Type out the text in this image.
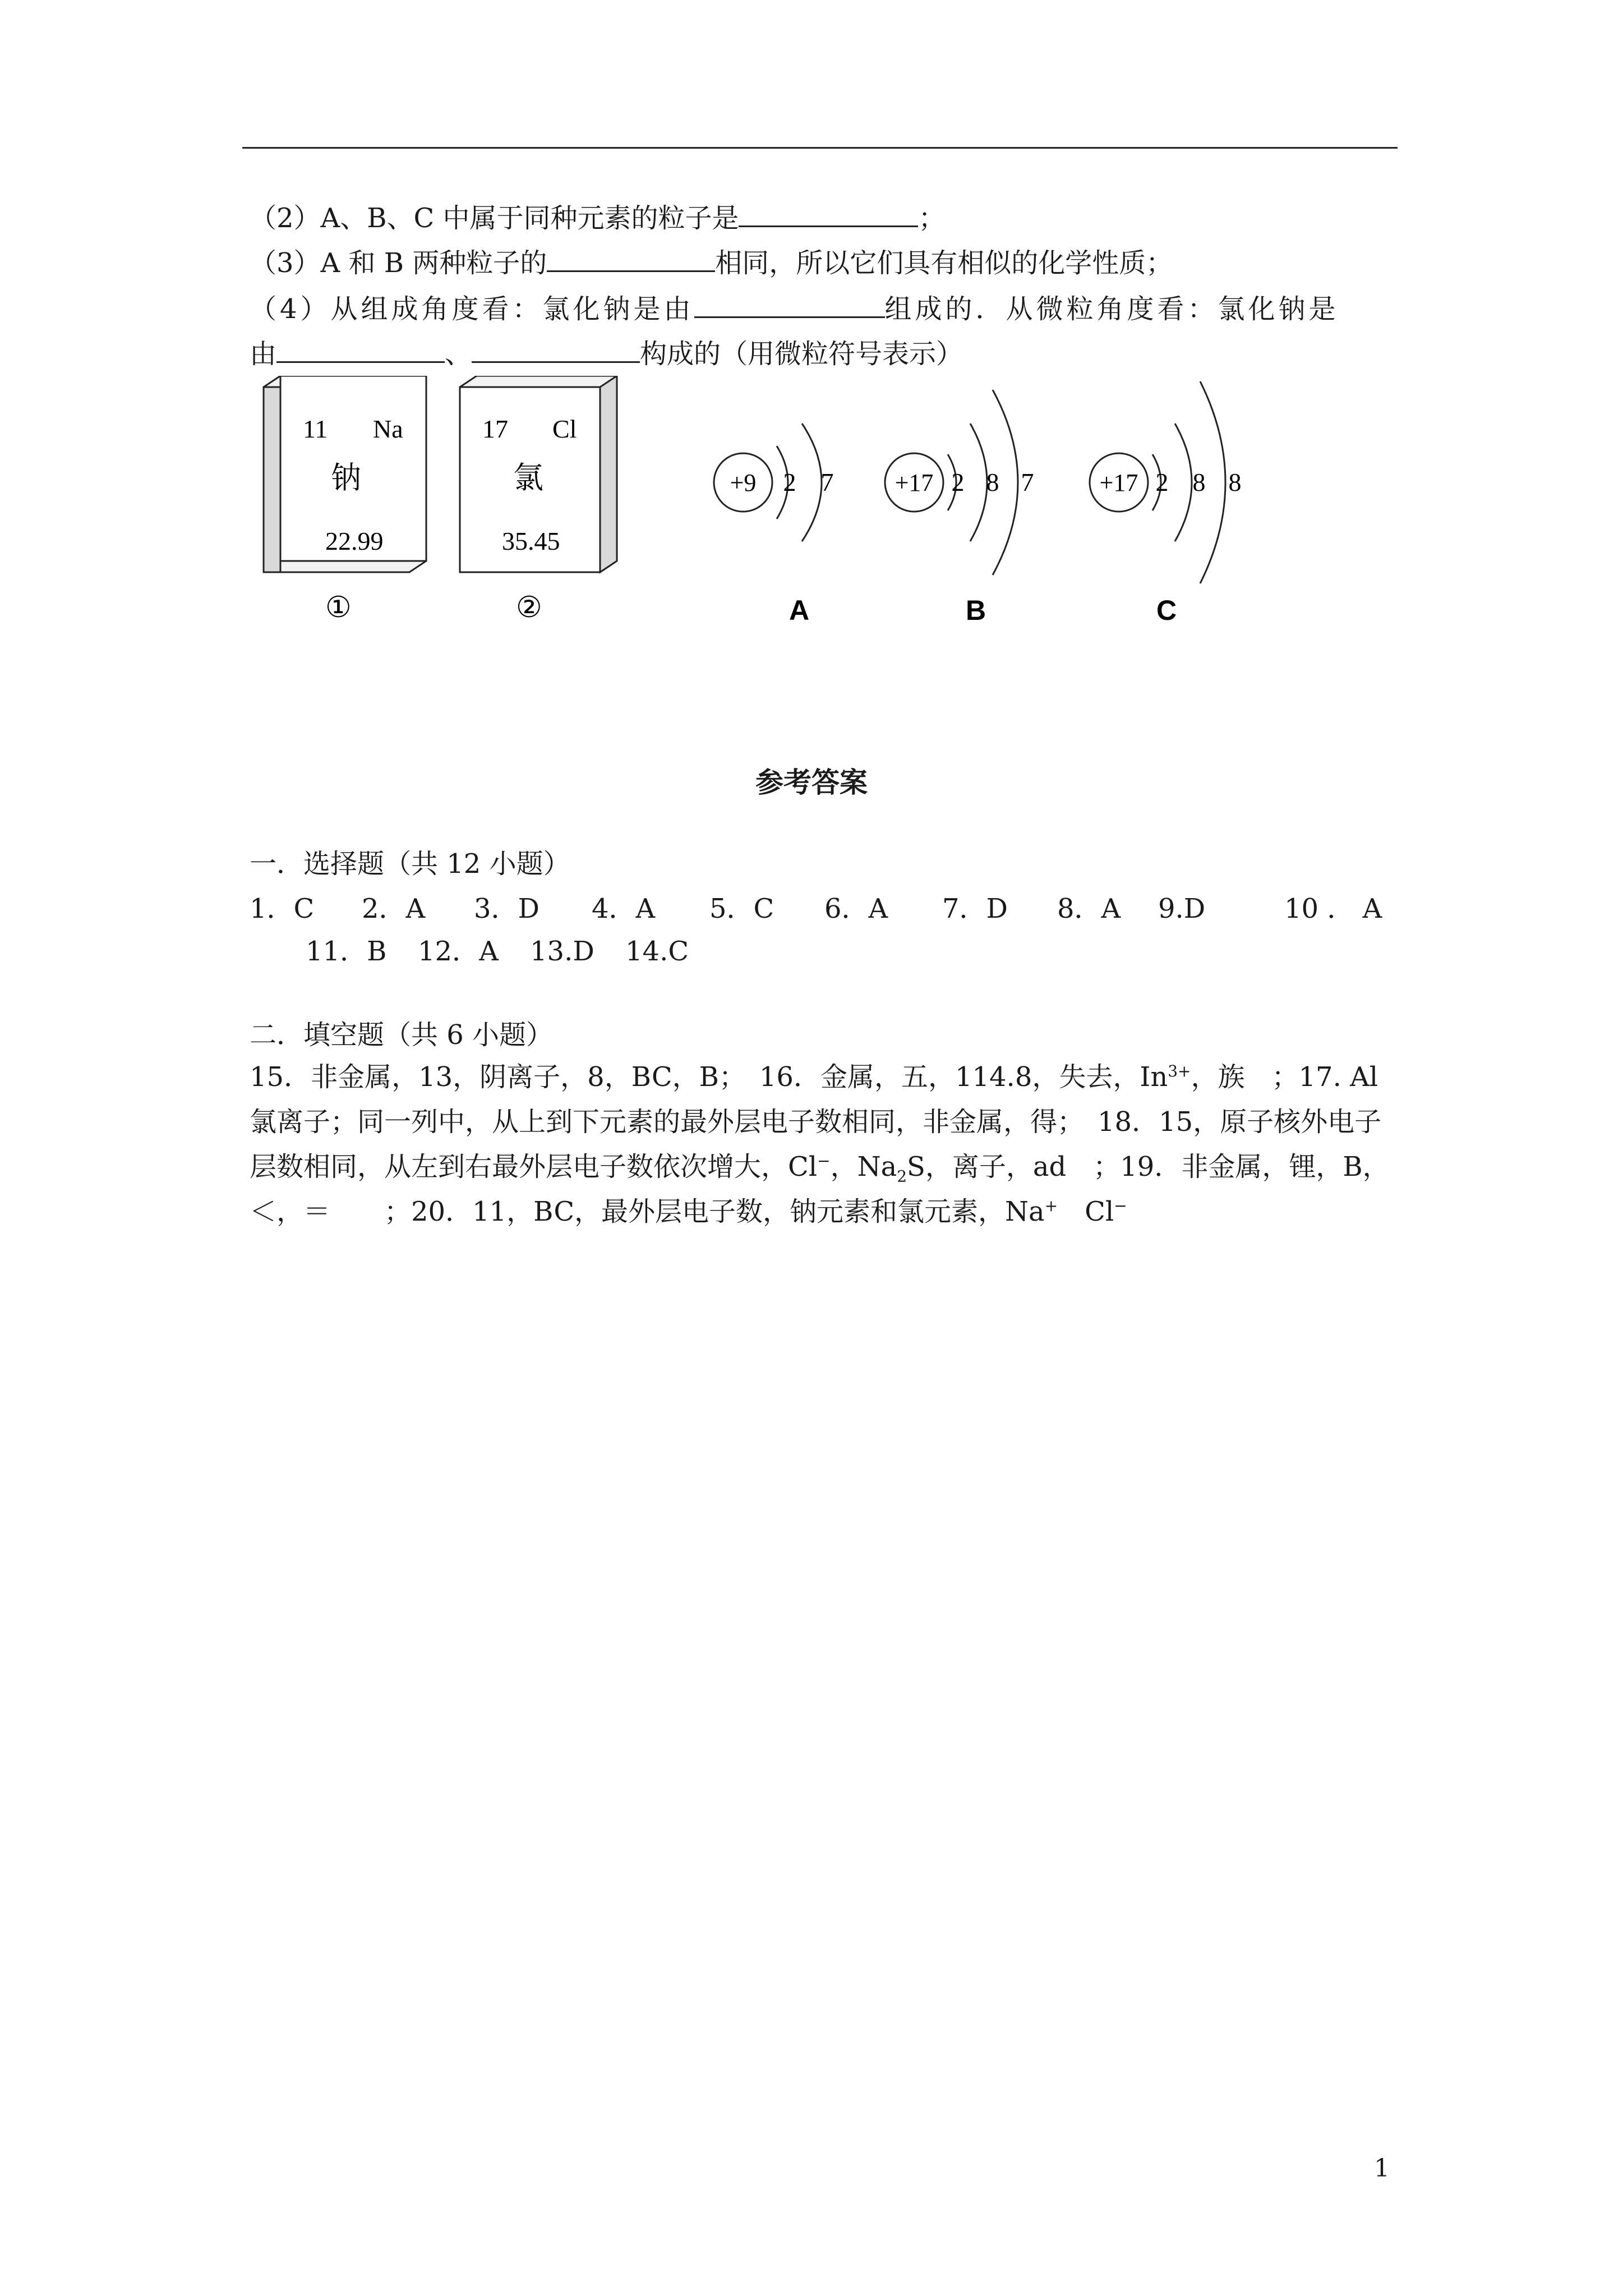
（2）A、B、C 中属于同种元素的粒子是	；
（3）A 和 B 两种粒子的	相同，所以它们具有相似的化学性质；
（4）从组成角度看：氯化钠是由	组成的．从微粒角度看：氯化钠是
由	、	构成的（用微粒符号表示）
11 Na
钠
22.99
①
17 Cl
氯
35.45
②
+9 2 7
A
+17 2 8 7
B
+17 2 8 8
C
参考答案
一．选择题（共 12 小题）
1．C 2．A 3．D 4．A 5．C 6．A 7．D 8．A 9.D	10 ． A
11．B 12．A 13.D 14.C
二．填空题（共 6 小题）
15．非金属，13，阴离子，8，BC，B；　16．金属，五，114.8，失去，$In^{3+}$，族　；17. Al 氯离子；同一列中，从上到下元素的最外层电子数相同，非金属，得；　18．15，原子核外电子层数相同，从左到右最外层电子数依次增大，Cl−，$Na_2S$，离子，ad　；19．非金属，锂，B，＜，＝　　；20．11，BC，最外层电子数，钠元素和氯元素，Na+　Cl−
1
